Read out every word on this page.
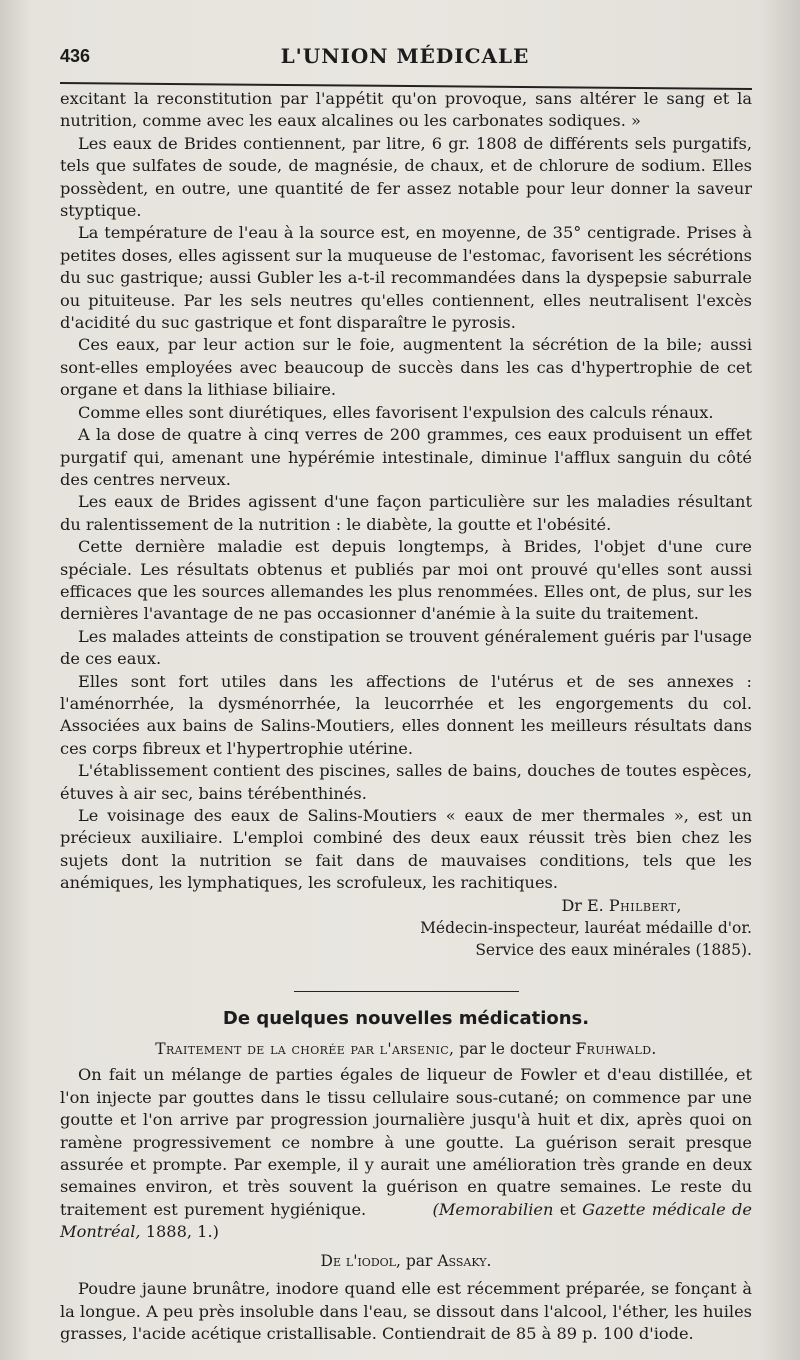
436	L'UNION MÉDICALE

excitant la reconstitution par l'appétit qu'on provoque, sans altérer le sang et la nutrition, comme avec les eaux alcalines ou les carbonates sodiques. »

Les eaux de Brides contiennent, par litre, 6 gr. 1808 de différents sels purgatifs, tels que sulfates de soude, de magnésie, de chaux, et de chlorure de sodium. Elles possèdent, en outre, une quantité de fer assez notable pour leur donner la saveur styptique.

La température de l'eau à la source est, en moyenne, de 35° centigrade. Prises à petites doses, elles agissent sur la muqueuse de l'estomac, favorisent les sécrétions du suc gastrique; aussi Gubler les a-t-il recommandées dans la dyspepsie saburrale ou pituiteuse. Par les sels neutres qu'elles contiennent, elles neutralisent l'excès d'acidité du suc gastrique et font disparaître le pyrosis.

Ces eaux, par leur action sur le foie, augmentent la sécrétion de la bile; aussi sont-elles employées avec beaucoup de succès dans les cas d'hypertrophie de cet organe et dans la lithiase biliaire.

Comme elles sont diurétiques, elles favorisent l'expulsion des calculs rénaux.

A la dose de quatre à cinq verres de 200 grammes, ces eaux produisent un effet purgatif qui, amenant une hypérémie intestinale, diminue l'afflux sanguin du côté des centres nerveux.

Les eaux de Brides agissent d'une façon particulière sur les maladies résultant du ralentissement de la nutrition : le diabète, la goutte et l'obésité.

Cette dernière maladie est depuis longtemps, à Brides, l'objet d'une cure spéciale. Les résultats obtenus et publiés par moi ont prouvé qu'elles sont aussi efficaces que les sources allemandes les plus renommées. Elles ont, de plus, sur les dernières l'avantage de ne pas occasionner d'anémie à la suite du traitement.

Les malades atteints de constipation se trouvent généralement guéris par l'usage de ces eaux.

Elles sont fort utiles dans les affections de l'utérus et de ses annexes : l'aménorrhée, la dysménorrhée, la leucorrhée et les engorgements du col. Associées aux bains de Salins-Moutiers, elles donnent les meilleurs résultats dans ces corps fibreux et l'hypertrophie utérine.

L'établissement contient des piscines, salles de bains, douches de toutes espèces, étuves à air sec, bains térébenthinés.

Le voisinage des eaux de Salins-Moutiers « eaux de mer thermales », est un précieux auxiliaire. L'emploi combiné des deux eaux réussit très bien chez les sujets dont la nutrition se fait dans de mauvaises conditions, tels que les anémiques, les lymphatiques, les scrofuleux, les rachitiques.

Dr E. Philbert,
Médecin-inspecteur, lauréat médaille d'or.
Service des eaux minérales (1885).
De quelques nouvelles médications.
Traitement de la chorée par l'arsenic, par le docteur Fruhwald.

On fait un mélange de parties égales de liqueur de Fowler et d'eau distillée, et l'on injecte par gouttes dans le tissu cellulaire sous-cutané; on commence par une goutte et l'on arrive par progression journalière jusqu'à huit et dix, après quoi on ramène progressivement ce nombre à une goutte. La guérison serait presque assurée et prompte. Par exemple, il y aurait une amélioration très grande en deux semaines environ, et très souvent la guérison en quatre semaines. Le reste du traitement est purement hygiénique.	(Memorabilien et Gazette médicale de Montréal, 1888, 1.)

De l'iodol, par Assaky.

Poudre jaune brunâtre, inodore quand elle est récemment préparée, se fonçant à la longue. A peu près insoluble dans l'eau, se dissout dans l'alcool, l'éther, les huiles grasses, l'acide acétique cristallisable. Contiendrait de 85 à 89 p. 100 d'iode.
